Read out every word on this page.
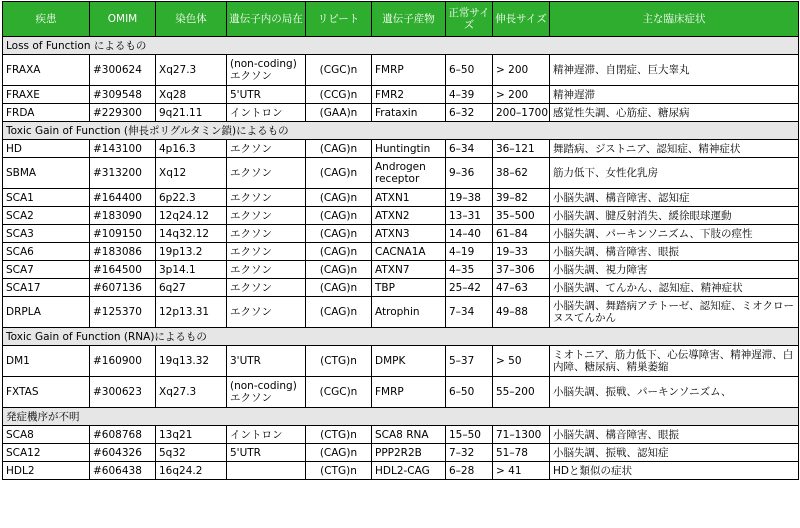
疾患	OMIM	染色体	遺伝子内の局在	リピート	遺伝子産物	正常サイズ	伸長サイズ	主な臨床症状
Loss of Function によるもの								
FRAXA	#300624	Xq27.3	(non-coding) エクソン	(CGC)n	FMRP	6–50	> 200	精神遅滞、自閉症、巨大睾丸
FRAXE	#309548	Xq28	5'UTR	(CCG)n	FMR2	4–39	> 200	精神遅滞
FRDA	#229300	9q21.11	イントロン	(GAA)n	Frataxin	6–32	200–1700	感覚性失調、心筋症、糖尿病
Toxic Gain of Function (伸長ポリグルタミン鎖)によるもの								
HD	#143100	4p16.3	エクソン	(CAG)n	Huntingtin	6–34	36–121	舞踏病、ジストニア、認知症、精神症状
SBMA	#313200	Xq12	エクソン	(CAG)n	Androgen receptor	9–36	38–62	筋力低下、女性化乳房
SCA1	#164400	6p22.3	エクソン	(CAG)n	ATXN1	19–38	39–82	小脳失調、構音障害、認知症
SCA2	#183090	12q24.12	エクソン	(CAG)n	ATXN2	13–31	35–500	小脳失調、腱反射消失、緩徐眼球運動
SCA3	#109150	14q32.12	エクソン	(CAG)n	ATXN3	14–40	61–84	小脳失調、パーキンソニズム、下肢の痙性
SCA6	#183086	19p13.2	エクソン	(CAG)n	CACNA1A	4–19	19–33	小脳失調、構音障害、眼振
SCA7	#164500	3p14.1	エクソン	(CAG)n	ATXN7	4–35	37–306	小脳失調、視力障害
SCA17	#607136	6q27	エクソン	(CAG)n	TBP	25–42	47–63	小脳失調、てんかん、認知症、精神症状
DRPLA	#125370	12p13.31	エクソン	(CAG)n	Atrophin	7–34	49–88	小脳失調、舞踏病アテトーゼ、認知症、ミオクローヌスてんかん
Toxic Gain of Function (RNA)によるもの								
DM1	#160900	19q13.32	3'UTR	(CTG)n	DMPK	5–37	> 50	ミオトニア、筋力低下、心伝導障害、精神遅滞、白内障、糖尿病、精巣萎縮
FXTAS	#300623	Xq27.3	(non-coding) エクソン	(CGC)n	FMRP	6–50	55–200	小脳失調、振戦、パーキンソニズム、
発症機序が不明								
SCA8	#608768	13q21	イントロン	(CTG)n	SCA8 RNA	15–50	71–1300	小脳失調、構音障害、眼振
SCA12	#604326	5q32	5'UTR	(CAG)n	PPP2R2B	7–32	51–78	小脳失調、振戦、認知症
HDL2	#606438	16q24.2		(CTG)n	HDL2-CAG	6–28	> 41	HDと類似の症状
